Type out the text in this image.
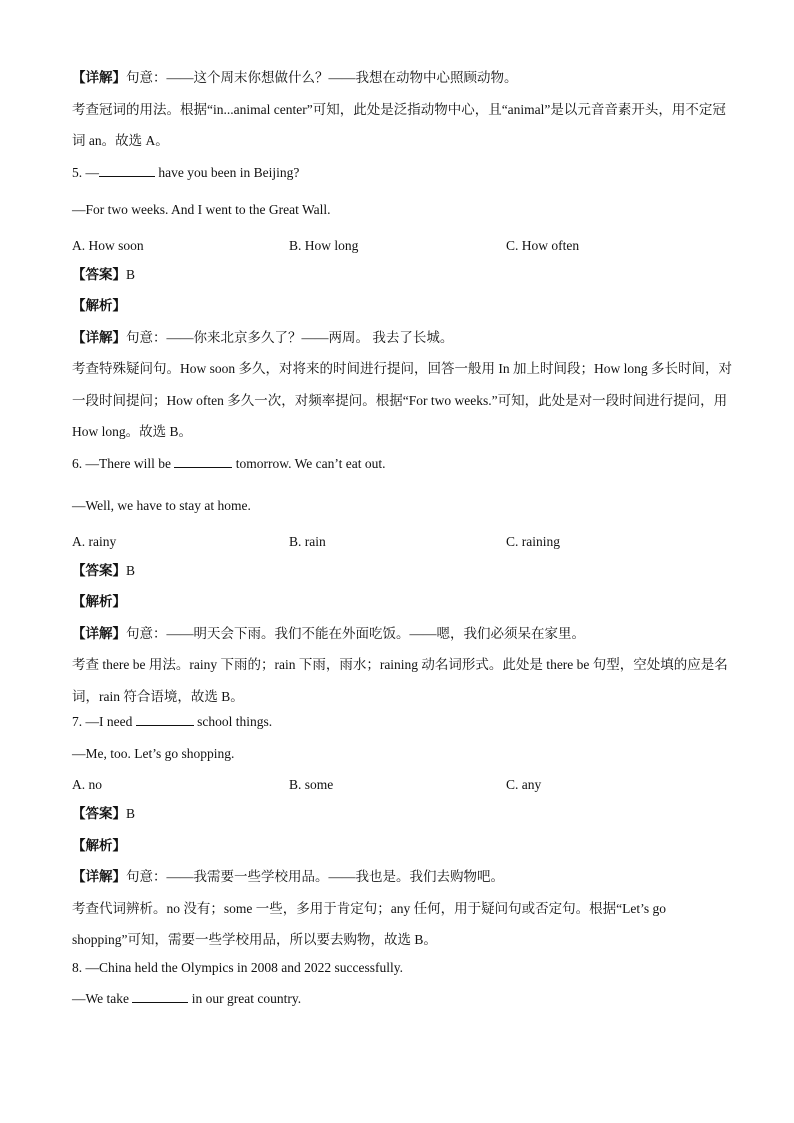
【详解】句意：——这个周末你想做什么？——我想在动物中心照顾动物。
考查冠词的用法。根据“in...animal center”可知，此处是泛指动物中心，且“animal”是以元音音素开头，用不定冠词 an。故选 A。
5. —	have you been in Beijing?
—For two weeks. And I went to the Great Wall.
A. How soon	B. How long	C. How often
【答案】B
【解析】
【详解】句意：——你来北京多久了？——两周。 我去了长城。
考查特殊疑问句。How soon 多久，对将来的时间进行提问，回答一般用 In 加上时间段；How long 多长时间，对一段时间提问；How often 多久一次，对频率提问。根据“For two weeks.”可知，此处是对一段时间进行提问，用 How long。故选 B。
6. —There will be	tomorrow. We can’t eat out.
—Well, we have to stay at home.
A. rainy	B. rain	C. raining
【答案】B
【解析】
【详解】句意：——明天会下雨。我们不能在外面吃饭。——嗯，我们必须呆在家里。
考查 there be 用法。rainy 下雨的；rain 下雨，雨水；raining 动名词形式。此处是 there be 句型，空处填的应是名词，rain 符合语境，故选 B。
7. —I need	school things.
—Me, too. Let’s go shopping.
A. no	B. some	C. any
【答案】B
【解析】
【详解】句意：——我需要一些学校用品。——我也是。我们去购物吧。
考查代词辨析。no 没有；some 一些，多用于肯定句；any 任何，用于疑问句或否定句。根据“Let’s go shopping”可知，需要一些学校用品，所以要去购物，故选 B。
8. —China held the Olympics in 2008 and 2022 successfully.
—We take	in our great country.
